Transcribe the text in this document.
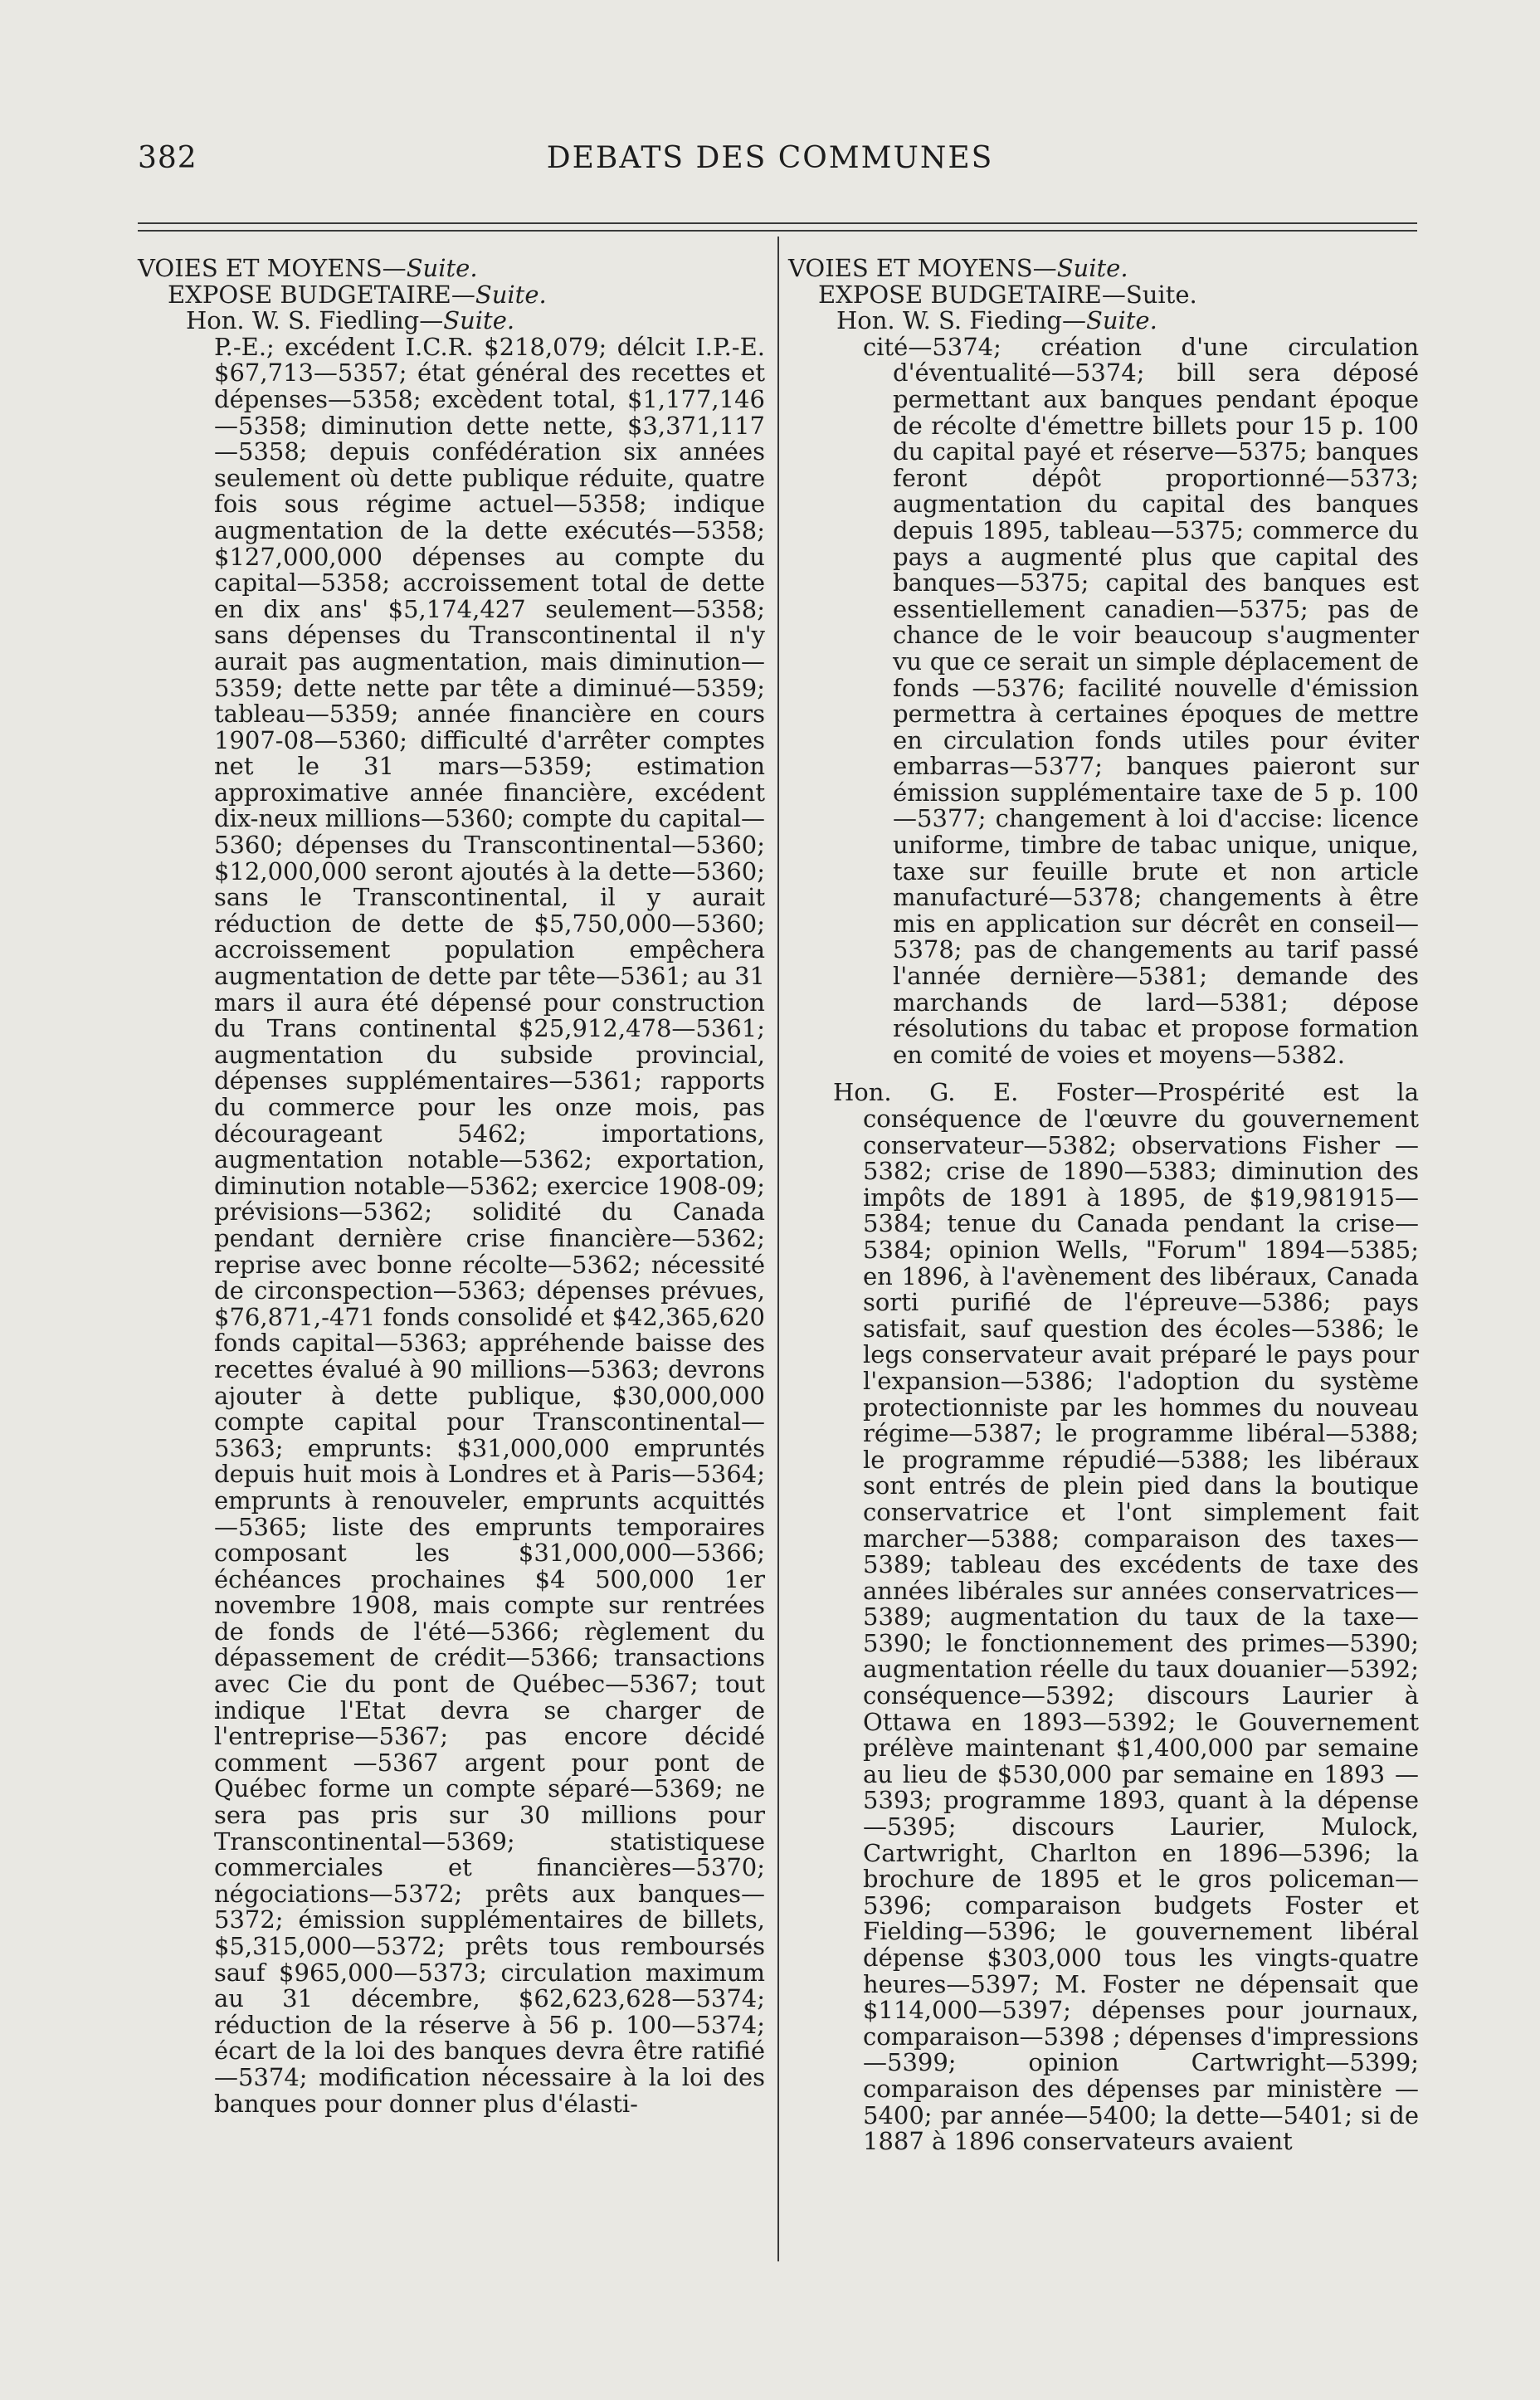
382	DEBATS DES COMMUNES

VOIES ET MOYENS—Suite.

EXPOSE BUDGETAIRE—Suite.

Hon. W. S. Fiedling—Suite.

P.-E.; excédent I.C.R. $218,079; délcit I.P.-E. $67,713—5357; état général des recettes et dépenses—5358; excèdent total, $1,177,146—5358; diminution dette nette, $3,371,117—5358; depuis confédération six années seulement où dette publique réduite, quatre fois sous régime actuel—5358; indique augmentation de la dette exécutés—5358; $127,000,000 dépenses au compte du capital—5358; accroissement total de dette en dix ans' $5,174,427 seulement—5358; sans dépenses du Transcontinental il n'y aurait pas augmentation, mais diminution—5359; dette nette par tête a diminué—5359; tableau—5359; année financière en cours 1907-08—5360; difficulté d'arrêter comptes net le 31 mars—5359; estimation approximative année financière, excédent dix-neux millions—5360; compte du capital—5360; dépenses du Transcontinental—5360; $12,000,000 seront ajoutés à la dette—5360; sans le Transcontinental, il y aurait réduction de dette de $5,750,000—5360; accroissement population empêchera augmentation de dette par tête—5361; au 31 mars il aura été dépensé pour construction du Trans continental $25,912,478—5361; augmentation du subside provincial, dépenses supplémentaires—5361; rapports du commerce pour les onze mois, pas décourageant 5462; importations, augmentation notable—5362; exportation, diminution notable—5362; exercice 1908-09; prévisions—5362; solidité du Canada pendant dernière crise financière—5362; reprise avec bonne récolte—5362; nécessité de circonspection—5363; dépenses prévues, $76,871,-471 fonds consolidé et $42,365,620 fonds capital—5363; appréhende baisse des recettes évalué à 90 millions—5363; devrons ajouter à dette publique, $30,000,000 compte capital pour Transcontinental—5363; emprunts: $31,000,000 empruntés depuis huit mois à Londres et à Paris—5364; emprunts à renouveler, emprunts acquittés—5365; liste des emprunts temporaires composant les $31,000,000—5366; échéances prochaines $4 500,000 1er novembre 1908, mais compte sur rentrées de fonds de l'été—5366; règlement du dépassement de crédit—5366; transactions avec Cie du pont de Québec—5367; tout indique l'Etat devra se charger de l'entreprise—5367; pas encore décidé comment —5367 argent pour pont de Québec forme un compte séparé—5369; ne sera pas pris sur 30 millions pour Transcontinental—5369; statistiquese commerciales et financières—5370; négociations—5372; prêts aux banques—5372; émission supplémentaires de billets, $5,315,000—5372; prêts tous remboursés sauf $965,000—5373; circulation maximum au 31 décembre, $62,623,628—5374; réduction de la réserve à 56 p. 100—5374; écart de la loi des banques devra être ratifié —5374; modification nécessaire à la loi des banques pour donner plus d'élasti-

VOIES ET MOYENS—Suite.

EXPOSE BUDGETAIRE—Suite.

Hon. W. S. Fieding—Suite.

cité—5374; création d'une circulation d'éventualité—5374; bill sera déposé permettant aux banques pendant époque de récolte d'émettre billets pour 15 p. 100 du capital payé et réserve—5375; banques feront dépôt proportionné—5373; augmentation du capital des banques depuis 1895, tableau—5375; commerce du pays a augmenté plus que capital des banques—5375; capital des banques est essentiellement canadien—5375; pas de chance de le voir beaucoup s'augmenter vu que ce serait un simple déplacement de fonds —5376; facilité nouvelle d'émission permettra à certaines époques de mettre en circulation fonds utiles pour éviter embarras—5377; banques paieront sur émission supplémentaire taxe de 5 p. 100—5377; changement à loi d'accise: licence uniforme, timbre de tabac unique, unique, taxe sur feuille brute et non article manufacturé—5378; changements à être mis en application sur décrêt en conseil—5378; pas de changements au tarif passé l'année dernière—5381; demande des marchands de lard—5381; dépose résolutions du tabac et propose formation en comité de voies et moyens—5382.

Hon. G. E. Foster—Prospérité est la conséquence de l'œuvre du gouvernement conservateur—5382; observations Fisher —5382; crise de 1890—5383; diminution des impôts de 1891 à 1895, de $19,981915—5384; tenue du Canada pendant la crise—5384; opinion Wells, "Forum" 1894—5385; en 1896, à l'avènement des libéraux, Canada sorti purifié de l'épreuve—5386; pays satisfait, sauf question des écoles—5386; le legs conservateur avait préparé le pays pour l'expansion—5386; l'adoption du système protectionniste par les hommes du nouveau régime—5387; le programme libéral—5388; le programme répudié—5388; les libéraux sont entrés de plein pied dans la boutique conservatrice et l'ont simplement fait marcher—5388; comparaison des taxes—5389; tableau des excédents de taxe des années libérales sur années conservatrices—5389; augmentation du taux de la taxe—5390; le fonctionnement des primes—5390; augmentation réelle du taux douanier—5392; conséquence—5392; discours Laurier à Ottawa en 1893—5392; le Gouvernement prélève maintenant $1,400,000 par semaine au lieu de $530,000 par semaine en 1893 —5393; programme 1893, quant à la dépense—5395; discours Laurier, Mulock, Cartwright, Charlton en 1896—5396; la brochure de 1895 et le gros policeman—5396; comparaison budgets Foster et Fielding—5396; le gouvernement libéral dépense $303,000 tous les vingts-quatre heures—5397; M. Foster ne dépensait que $114,000—5397; dépenses pour journaux, comparaison—5398 ; dépenses d'impressions—5399; opinion Cartwright—5399; comparaison des dépenses par ministère —5400; par année—5400; la dette—5401; si de 1887 à 1896 conservateurs avaient
